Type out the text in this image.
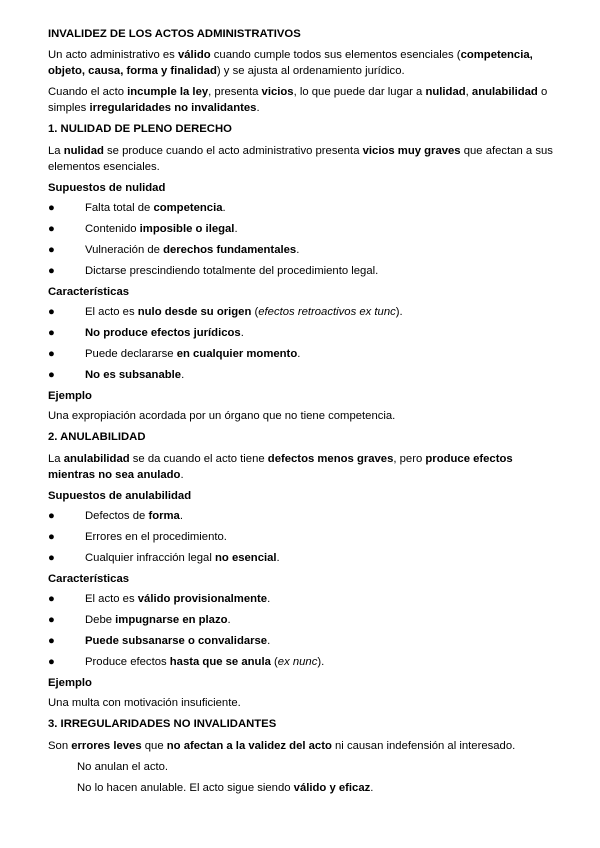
INVALIDEZ DE LOS ACTOS ADMINISTRATIVOS

Un acto administrativo es válido cuando cumple todos sus elementos esenciales (competencia, objeto, causa, forma y finalidad) y se ajusta al ordenamiento jurídico.

Cuando el acto incumple la ley, presenta vicios, lo que puede dar lugar a nulidad, anulabilidad o simples irregularidades no invalidantes.

1. NULIDAD DE PLENO DERECHO

La nulidad se produce cuando el acto administrativo presenta vicios muy graves que afectan a sus elementos esenciales.

Supuestos de nulidad

●	Falta total de competencia.
●	Contenido imposible o ilegal.
●	Vulneración de derechos fundamentales.
●	Dictarse prescindiendo totalmente del procedimiento legal.

Características

●	El acto es nulo desde su origen (efectos retroactivos ex tunc).
●	No produce efectos jurídicos.
●	Puede declararse en cualquier momento.
●	No es subsanable.

Ejemplo

Una expropiación acordada por un órgano que no tiene competencia.

2. ANULABILIDAD

La anulabilidad se da cuando el acto tiene defectos menos graves, pero produce efectos mientras no sea anulado.

Supuestos de anulabilidad

●	Defectos de forma.
●	Errores en el procedimiento.
●	Cualquier infracción legal no esencial.

Características

●	El acto es válido provisionalmente.
●	Debe impugnarse en plazo.
●	Puede subsanarse o convalidarse.
●	Produce efectos hasta que se anula (ex nunc).

Ejemplo

Una multa con motivación insuficiente.

3. IRREGULARIDADES NO INVALIDANTES

Son errores leves que no afectan a la validez del acto ni causan indefensión al interesado.

No anulan el acto.

No lo hacen anulable. El acto sigue siendo válido y eficaz.
